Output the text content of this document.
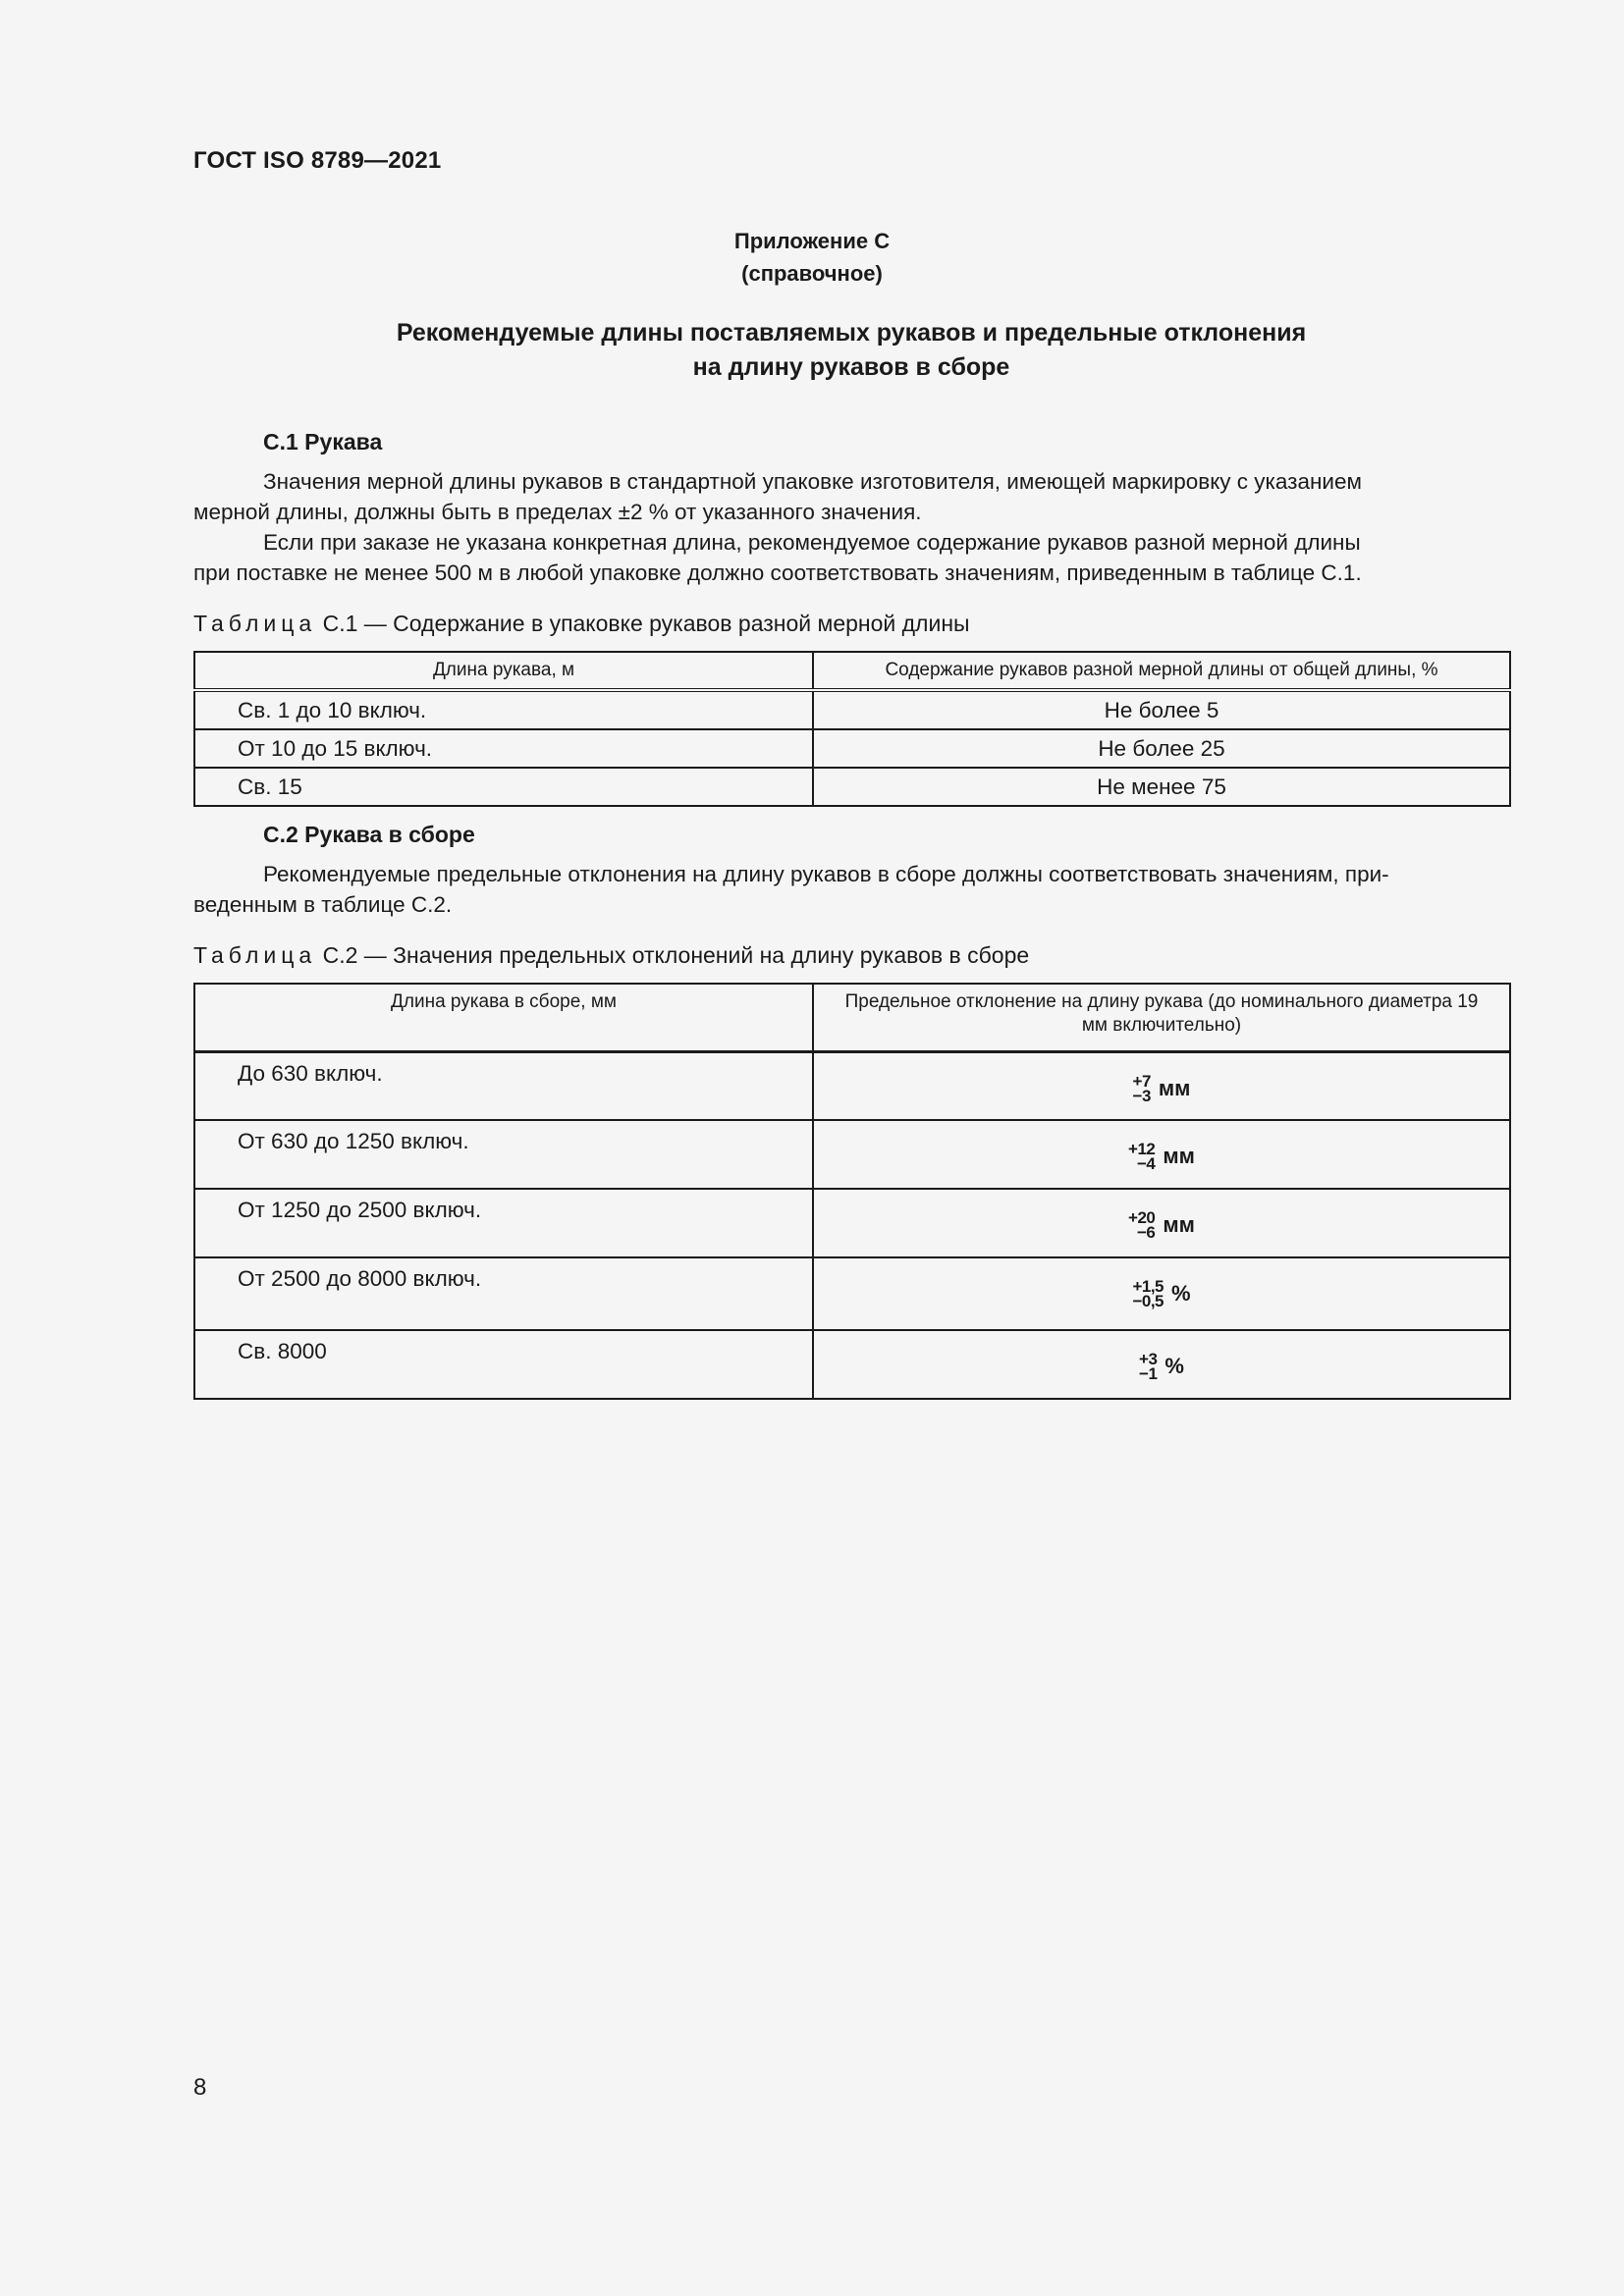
ГОСТ ISO 8789—2021
Приложение С
(справочное)
Рекомендуемые длины поставляемых рукавов и предельные отклонения
на длину рукавов в сборе
С.1 Рукава
Значения мерной длины рукавов в стандартной упаковке изготовителя, имеющей маркировку с указанием
мерной длины, должны быть в пределах ±2 % от указанного значения.
Если при заказе не указана конкретная длина, рекомендуемое содержание рукавов разной мерной длины
при поставке не менее 500 м в любой упаковке должно соответствовать значениям, приведенным в таблице С.1.
Таблица С.1 — Содержание в упаковке рукавов разной мерной длины
Длина рукава, м	Содержание рукавов разной мерной длины от общей длины, %
Св. 1 до 10 включ.	Не более 5
От 10 до 15 включ.	Не более 25
Св. 15	Не менее 75
С.2 Рукава в сборе
Рекомендуемые предельные отклонения на длину рукавов в сборе должны соответствовать значениям, при-
веденным в таблице С.2.
Таблица С.2 — Значения предельных отклонений на длину рукавов в сборе
Длина рукава в сборе, мм	Предельное отклонение на длину рукава (до номинального диаметра 19 мм включительно)
До 630 включ.	+7
−3 мм

От 630 до 1250 включ.	+12
−4 мм

От 1250 до 2500 включ.	+20
−6 мм

От 2500 до 8000 включ.	+1,5
−0,5 %

Св. 8000	+3
−1 %
8
